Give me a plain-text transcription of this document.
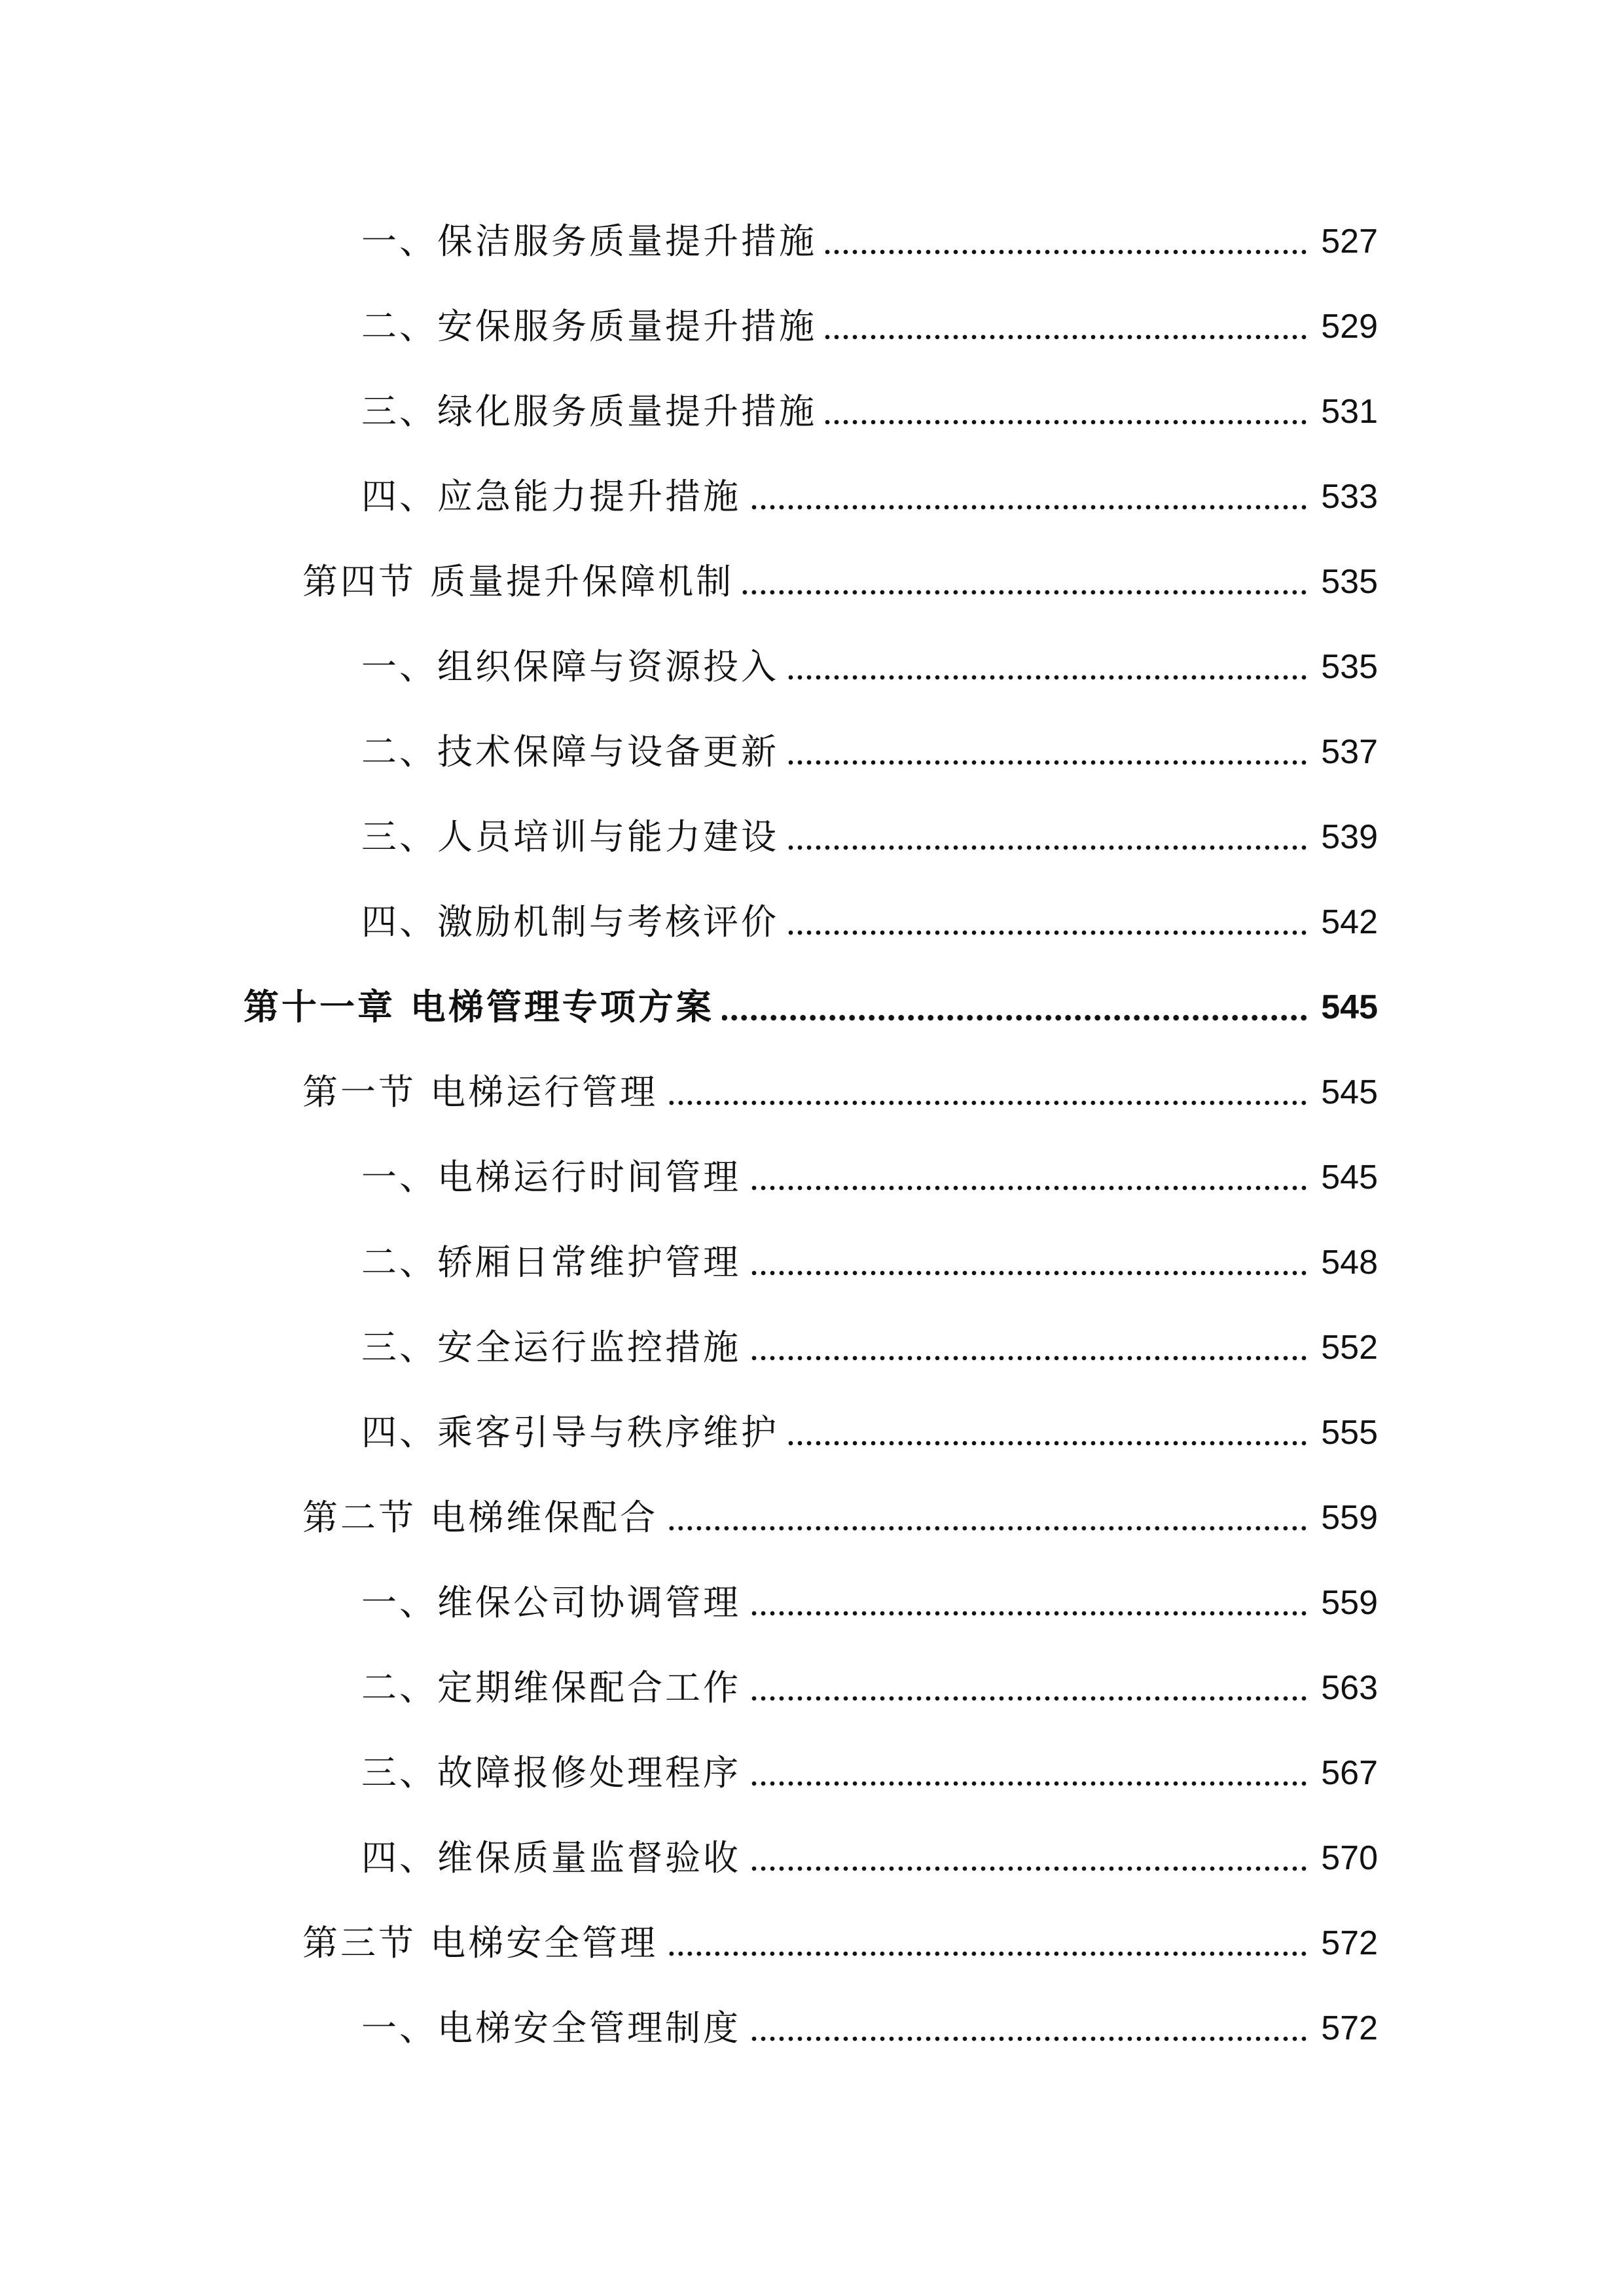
一、保洁服务质量提升措施	527
二、安保服务质量提升措施	529
三、绿化服务质量提升措施	531
四、应急能力提升措施	533
第四节 质量提升保障机制	535
一、组织保障与资源投入	535
二、技术保障与设备更新	537
三、人员培训与能力建设	539
四、激励机制与考核评价	542
第十一章 电梯管理专项方案	545
第一节 电梯运行管理	545
一、电梯运行时间管理	545
二、轿厢日常维护管理	548
三、安全运行监控措施	552
四、乘客引导与秩序维护	555
第二节 电梯维保配合	559
一、维保公司协调管理	559
二、定期维保配合工作	563
三、故障报修处理程序	567
四、维保质量监督验收	570
第三节 电梯安全管理	572
一、电梯安全管理制度	572
